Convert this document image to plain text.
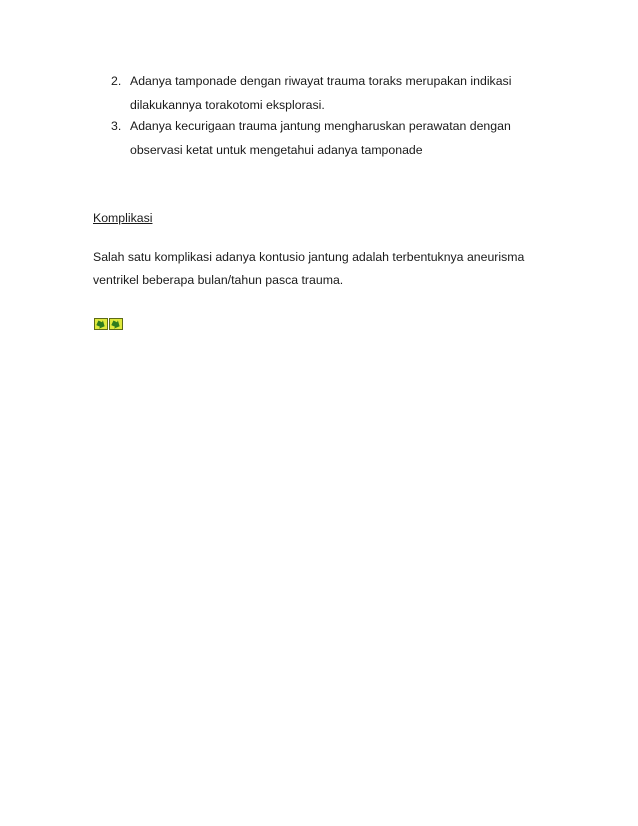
2. Adanya tamponade dengan riwayat trauma toraks merupakan indikasi
dilakukannya torakotomi eksplorasi.
3. Adanya kecurigaan trauma jantung mengharuskan perawatan dengan
observasi ketat untuk mengetahui adanya tamponade
Komplikasi
Salah satu komplikasi adanya kontusio jantung adalah terbentuknya aneurisma
ventrikel beberapa bulan/tahun pasca trauma.
